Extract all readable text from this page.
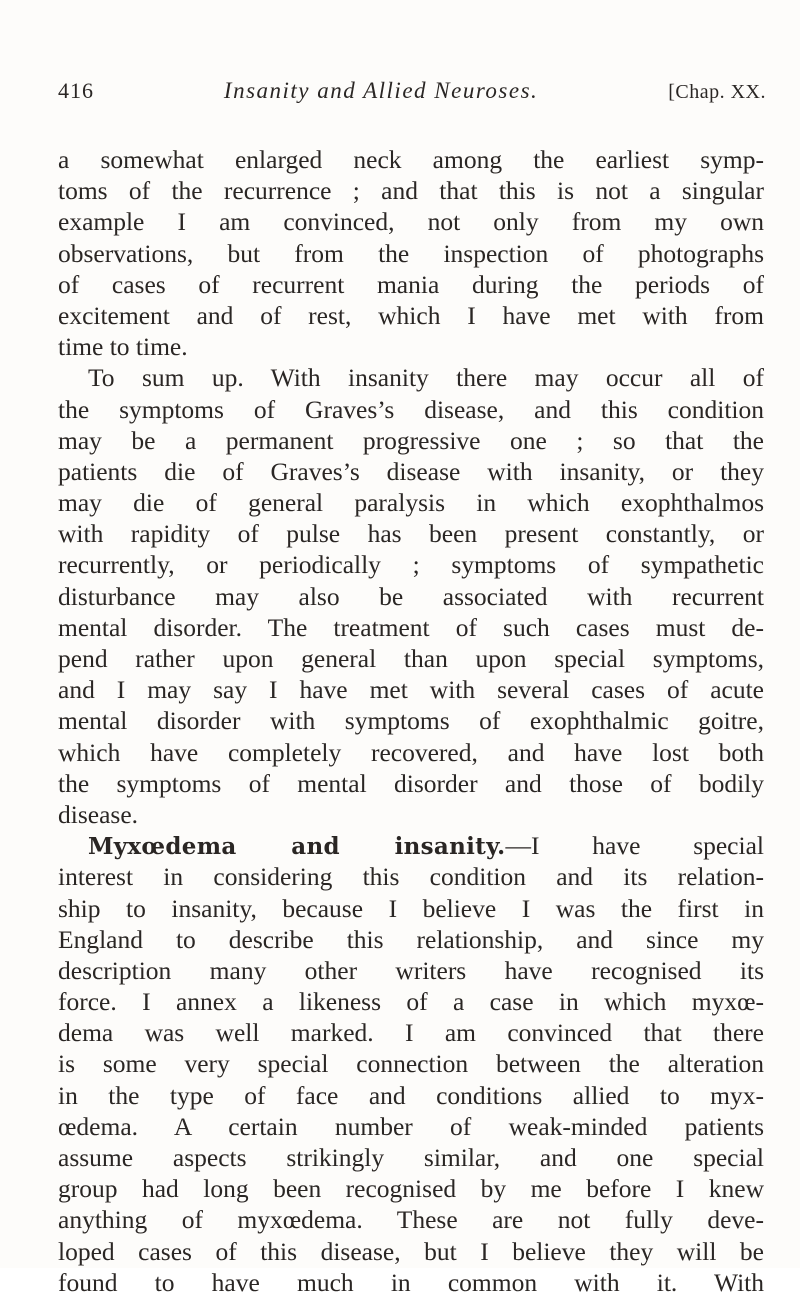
416	Insanity and Allied Neuroses.	[Chap. XX.
a somewhat enlarged neck among the earliest symp-
toms of the recurrence ; and that this is not a singular
example I am convinced, not only from my own
observations, but from the inspection of photographs
of cases of recurrent mania during the periods of
excitement and of rest, which I have met with from
time to time.
To sum up. With insanity there may occur all of
the symptoms of Graves’s disease, and this condition
may be a permanent progressive one ; so that the
patients die of Graves’s disease with insanity, or they
may die of general paralysis in which exophthalmos
with rapidity of pulse has been present constantly, or
recurrently, or periodically ; symptoms of sympathetic
disturbance may also be associated with recurrent
mental disorder. The treatment of such cases must de-
pend rather upon general than upon special symptoms,
and I may say I have met with several cases of acute
mental disorder with symptoms of exophthalmic goitre,
which have completely recovered, and have lost both
the symptoms of mental disorder and those of bodily
disease.
Myxœdema and insanity.—I have special
interest in considering this condition and its relation-
ship to insanity, because I believe I was the first in
England to describe this relationship, and since my
description many other writers have recognised its
force. I annex a likeness of a case in which myxœ-
dema was well marked. I am convinced that there
is some very special connection between the alteration
in the type of face and conditions allied to myx-
œdema. A certain number of weak-minded patients
assume aspects strikingly similar, and one special
group had long been recognised by me before I knew
anything of myxœdema. These are not fully deve-
loped cases of this disease, but I believe they will be
found to have much in common with it. With
